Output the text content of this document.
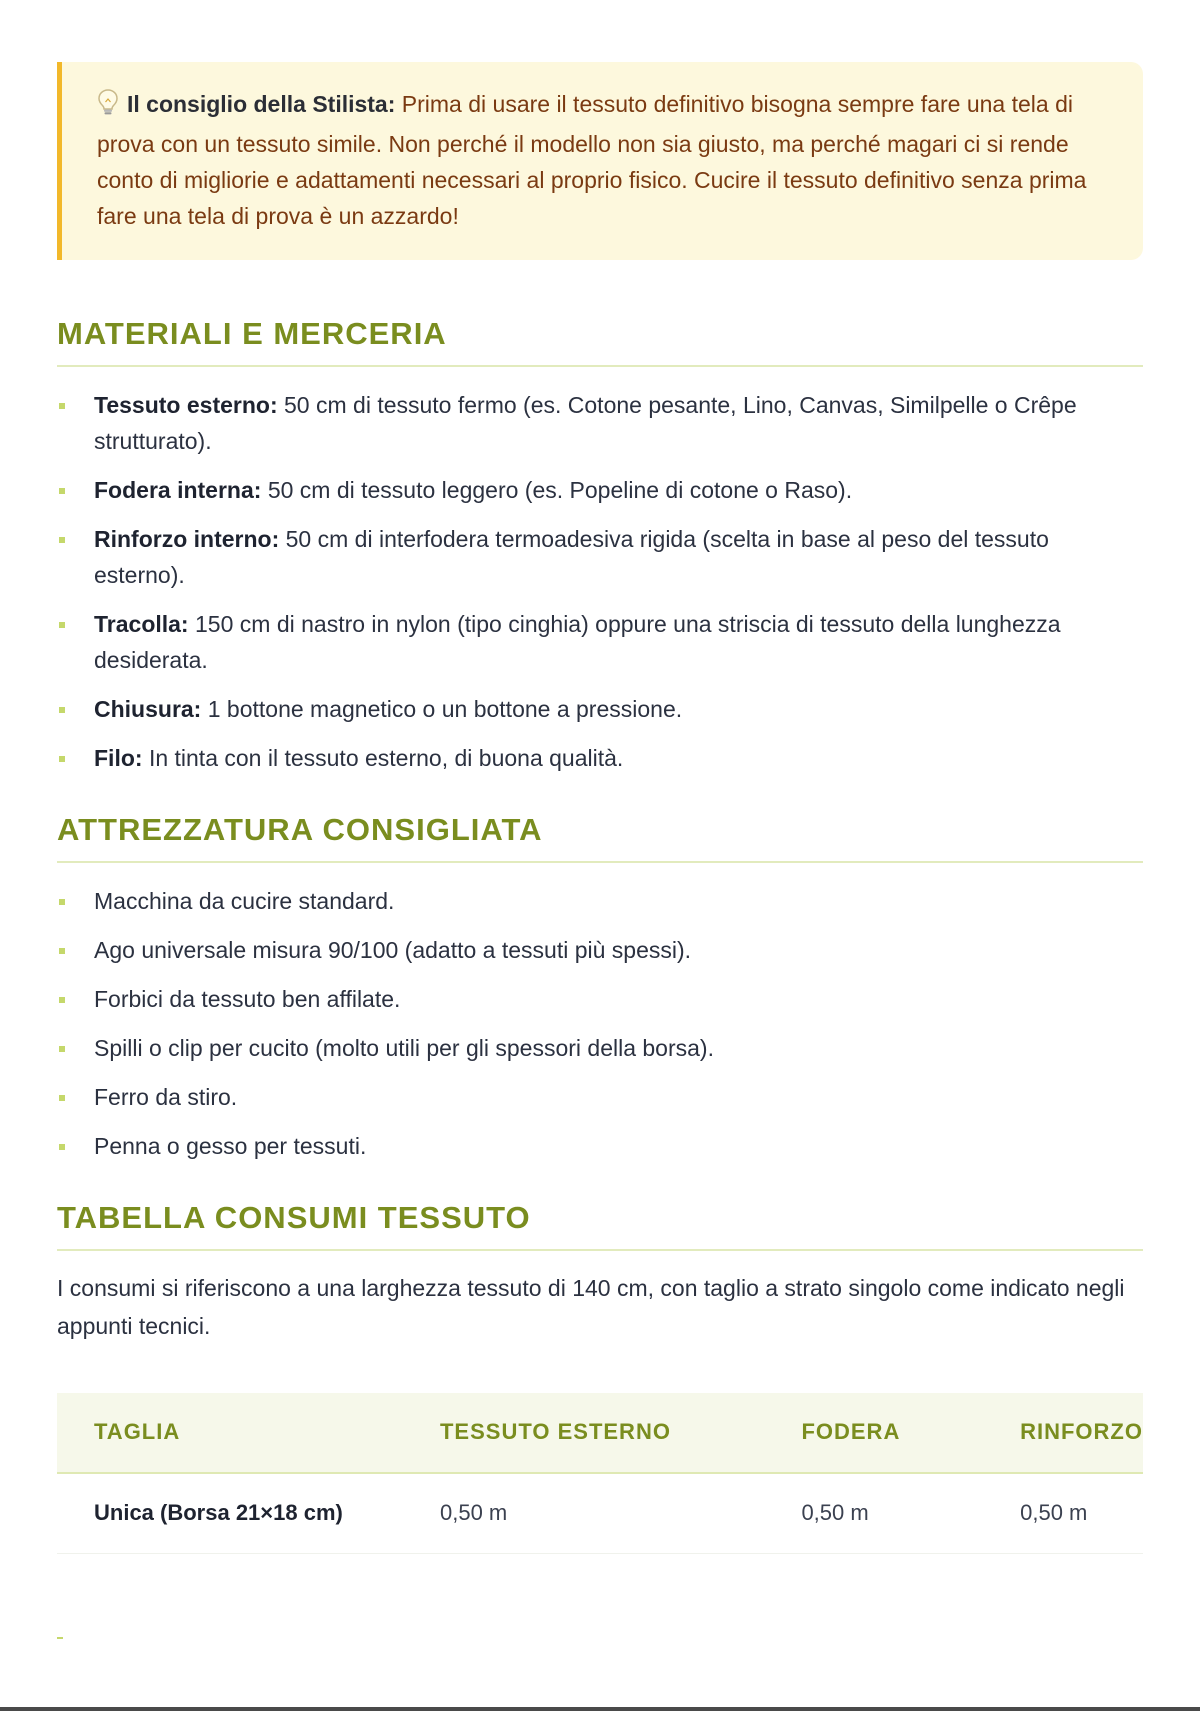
Il consiglio della Stilista: Prima di usare il tessuto definitivo bisogna sempre fare una tela di prova con un tessuto simile. Non perché il modello non sia giusto, ma perché magari ci si rende conto di migliorie e adattamenti necessari al proprio fisico. Cucire il tessuto definitivo senza prima fare una tela di prova è un azzardo!
MATERIALI E MERCERIA
Tessuto esterno: 50 cm di tessuto fermo (es. Cotone pesante, Lino, Canvas, Similpelle o Crêpe strutturato).
Fodera interna: 50 cm di tessuto leggero (es. Popeline di cotone o Raso).
Rinforzo interno: 50 cm di interfodera termoadesiva rigida (scelta in base al peso del tessuto esterno).
Tracolla: 150 cm di nastro in nylon (tipo cinghia) oppure una striscia di tessuto della lunghezza desiderata.
Chiusura: 1 bottone magnetico o un bottone a pressione.
Filo: In tinta con il tessuto esterno, di buona qualità.
ATTREZZATURA CONSIGLIATA
Macchina da cucire standard.
Ago universale misura 90/100 (adatto a tessuti più spessi).
Forbici da tessuto ben affilate.
Spilli o clip per cucito (molto utili per gli spessori della borsa).
Ferro da stiro.
Penna o gesso per tessuti.
TABELLA CONSUMI TESSUTO

I consumi si riferiscono a una larghezza tessuto di 140 cm, con taglio a strato singolo come indicato negli appunti tecnici.

TAGLIA	TESSUTO ESTERNO	FODERA	RINFORZO
Unica (Borsa 21×18 cm)	0,50 m	0,50 m	0,50 m
